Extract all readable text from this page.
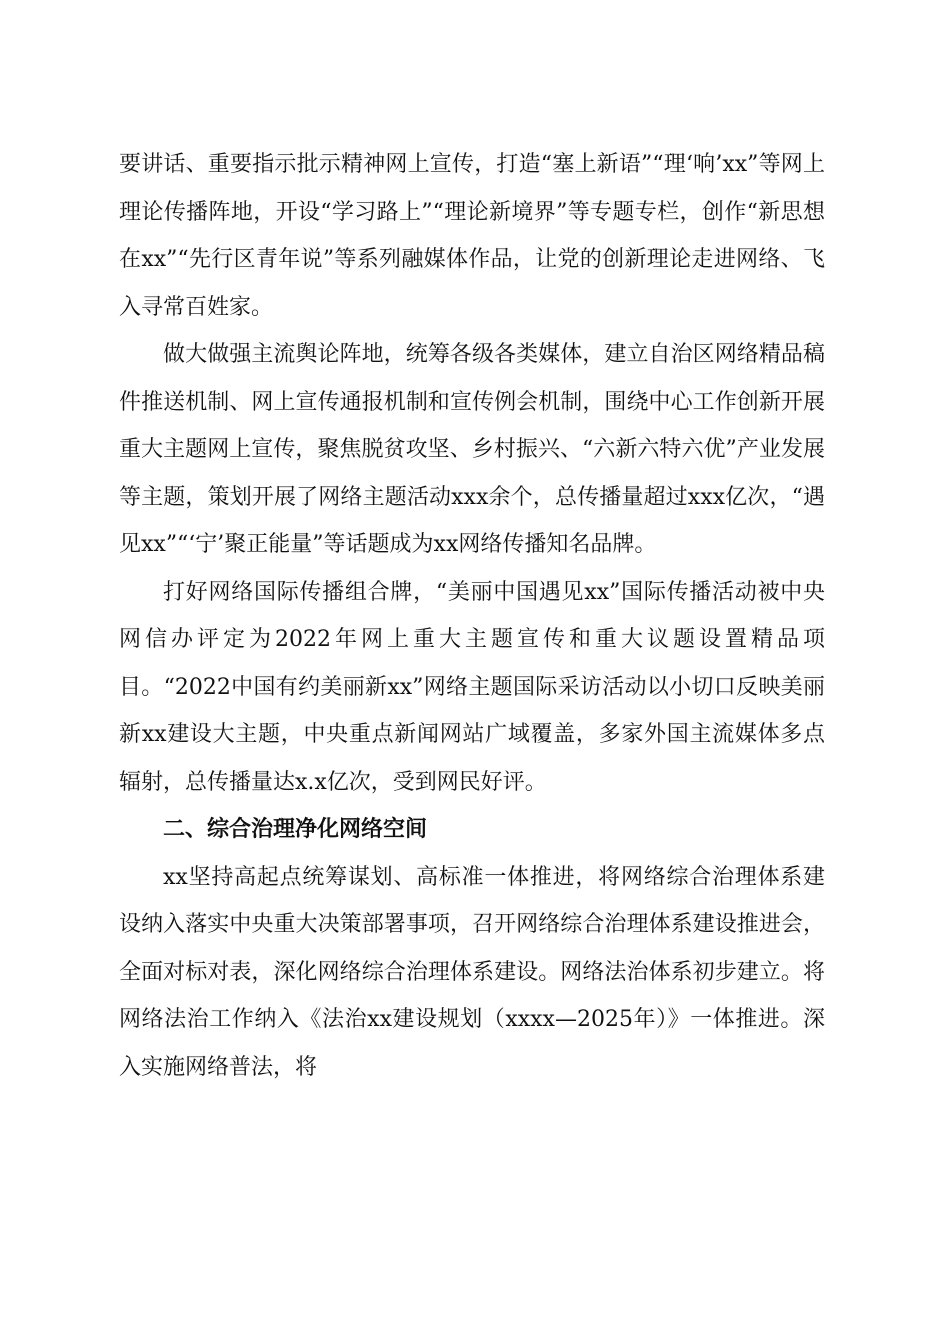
要讲话、重要指示批示精神网上宣传，打造“塞上新语”“理‘响’xx”等网上理论传播阵地，开设“学习路上”“理论新境界”等专题专栏，创作“新思想在xx”“先行区青年说”等系列融媒体作品，让党的创新理论走进网络、飞入寻常百姓家。

做大做强主流舆论阵地，统筹各级各类媒体，建立自治区网络精品稿件推送机制、网上宣传通报机制和宣传例会机制，围绕中心工作创新开展重大主题网上宣传，聚焦脱贫攻坚、乡村振兴、“六新六特六优”产业发展等主题，策划开展了网络主题活动xxx余个，总传播量超过xxx亿次，“遇见xx”“‘宁’聚正能量”等话题成为xx网络传播知名品牌。

打好网络国际传播组合牌，“美丽中国遇见xx”国际传播活动被中央网信办评定为2022年网上重大主题宣传和重大议题设置精品项目。“2022中国有约美丽新xx”网络主题国际采访活动以小切口反映美丽新xx建设大主题，中央重点新闻网站广域覆盖，多家外国主流媒体多点辐射，总传播量达x.x亿次，受到网民好评。

二、综合治理净化网络空间

xx坚持高起点统筹谋划、高标准一体推进，将网络综合治理体系建设纳入落实中央重大决策部署事项，召开网络综合治理体系建设推进会，全面对标对表，深化网络综合治理体系建设。网络法治体系初步建立。将网络法治工作纳入《法治xx建设规划（xxxx—2025年）》一体推进。深入实施网络普法，将
